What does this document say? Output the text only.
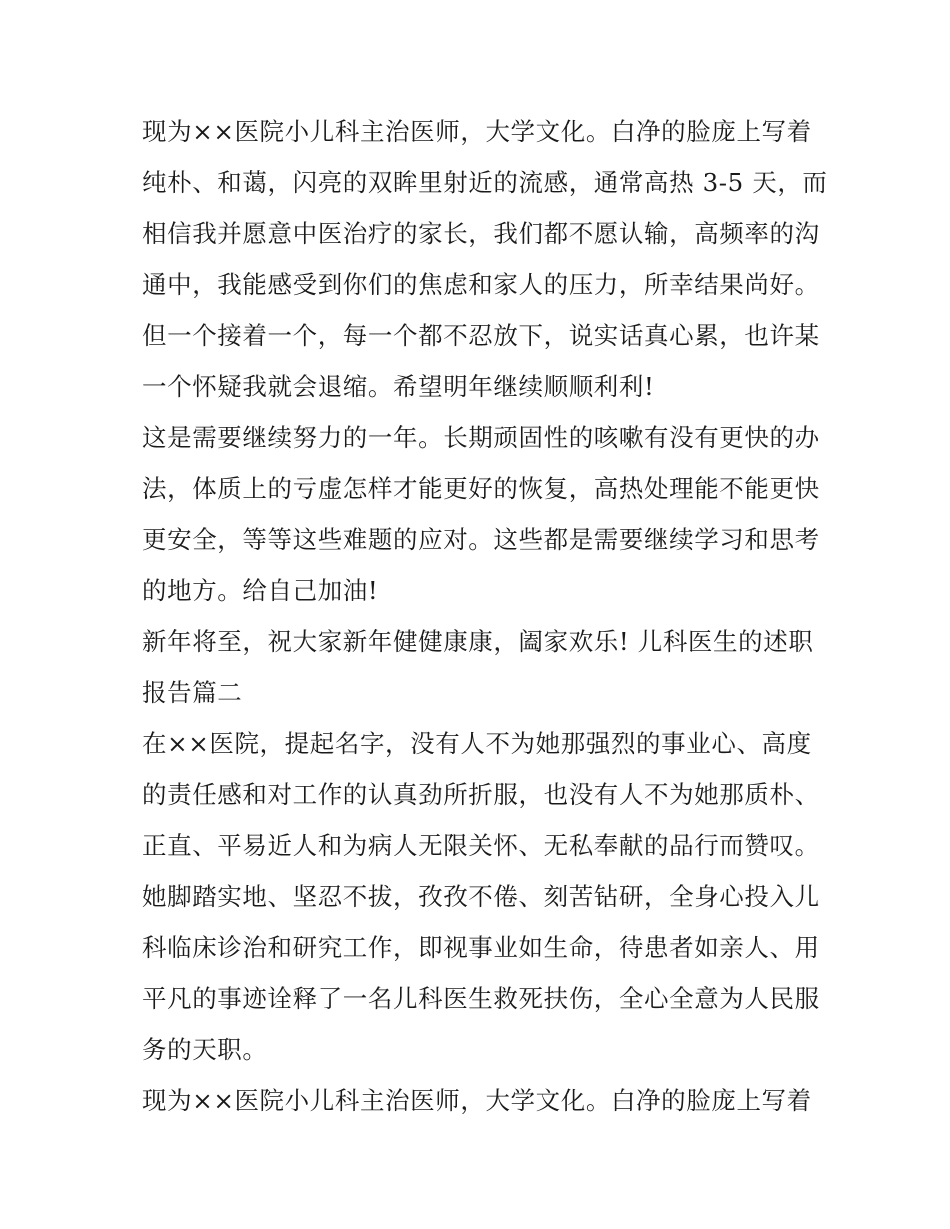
现为××医院小儿科主治医师，大学文化。白净的脸庞上写着
纯朴、和蔼，闪亮的双眸里射近的流感，通常高热 3-5 天，而
相信我并愿意中医治疗的家长，我们都不愿认输，高频率的沟
通中，我能感受到你们的焦虑和家人的压力，所幸结果尚好。
但一个接着一个，每一个都不忍放下，说实话真心累，也许某
一个怀疑我就会退缩。希望明年继续顺顺利利!
这是需要继续努力的一年。长期顽固性的咳嗽有没有更快的办
法，体质上的亏虚怎样才能更好的恢复，高热处理能不能更快
更安全，等等这些难题的应对。这些都是需要继续学习和思考
的地方。给自己加油!
新年将至，祝大家新年健健康康，阖家欢乐! 儿科医生的述职
报告篇二
在××医院，提起名字，没有人不为她那强烈的事业心、高度
的责任感和对工作的认真劲所折服，也没有人不为她那质朴、
正直、平易近人和为病人无限关怀、无私奉献的品行而赞叹。
她脚踏实地、坚忍不拔，孜孜不倦、刻苦钻研，全身心投入儿
科临床诊治和研究工作，即视事业如生命，待患者如亲人、用
平凡的事迹诠释了一名儿科医生救死扶伤，全心全意为人民服
务的天职。
现为××医院小儿科主治医师，大学文化。白净的脸庞上写着
